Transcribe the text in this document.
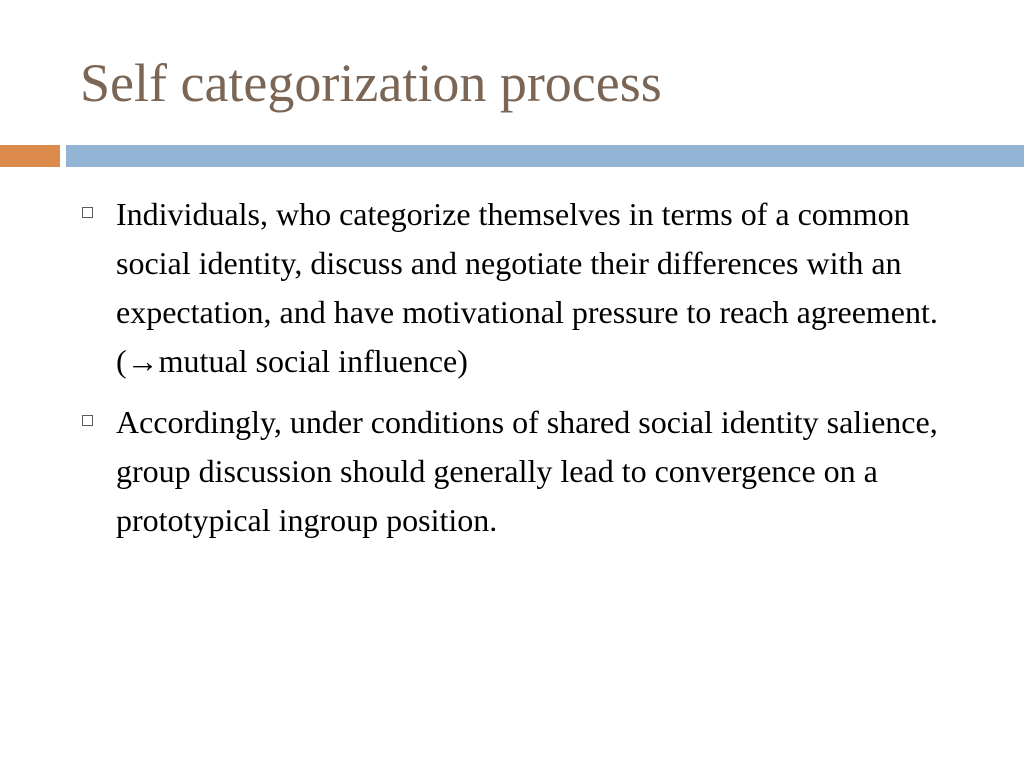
Self categorization process
Individuals, who categorize themselves in terms of a common social identity, discuss and negotiate their differences with an expectation, and have motivational pressure to reach agreement.(→mutual social influence)
Accordingly, under conditions of shared social identity salience, group discussion should generally lead to convergence on a prototypical ingroup position.
